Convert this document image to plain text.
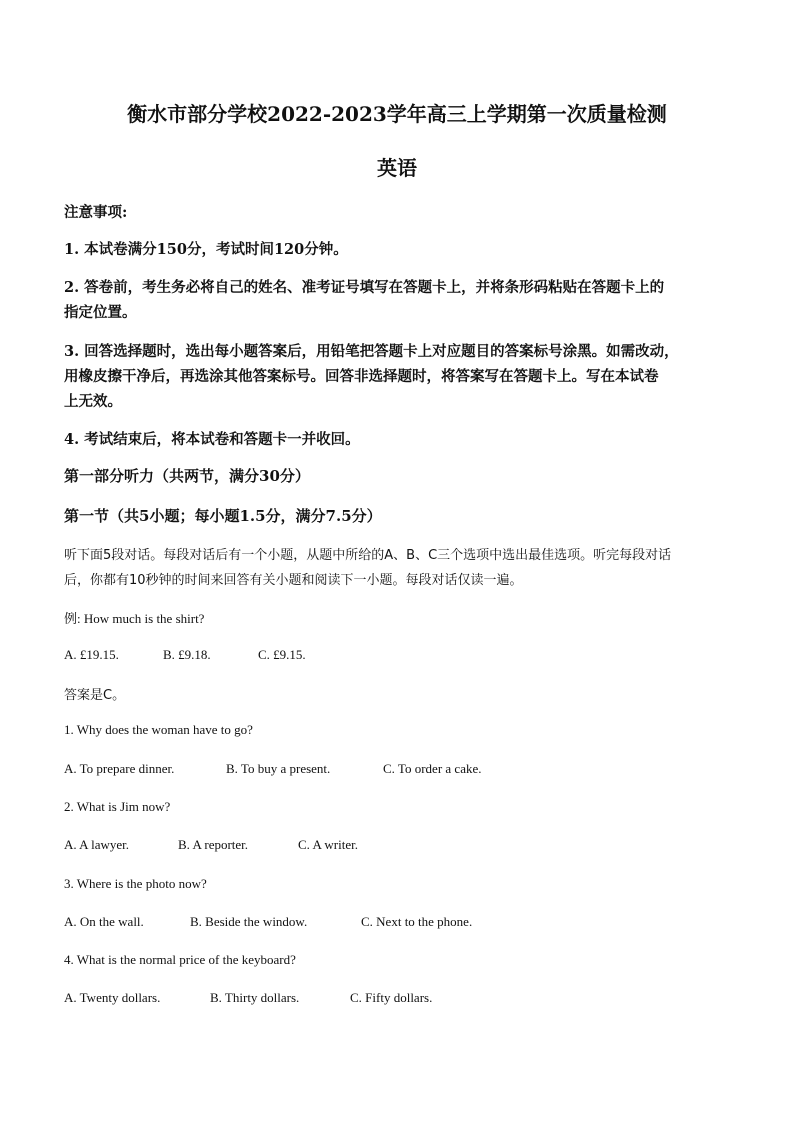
衡水市部分学校2022-2023学年高三上学期第一次质量检测
英语
注意事项:
1. 本试卷满分150分，考试时间120分钟。
2. 答卷前，考生务必将自己的姓名、准考证号填写在答题卡上，并将条形码粘贴在答题卡上的
指定位置。
3. 回答选择题时，选出每小题答案后，用铅笔把答题卡上对应题目的答案标号涂黑。如需改动，
用橡皮擦干净后，再选涂其他答案标号。回答非选择题时，将答案写在答题卡上。写在本试卷
上无效。
4. 考试结束后，将本试卷和答题卡一并收回。
第一部分听力（共两节，满分30分）
第一节（共5小题；每小题1.5分，满分7.5分）
听下面5段对话。每段对话后有一个小题，从题中所给的A、B、C三个选项中选出最佳选项。听完每段对话
后，你都有10秒钟的时间来回答有关小题和阅读下一小题。每段对话仅读一遍。
例: How much is the shirt?
A. £19.15.	B. £9.18.	C. £9.15.
答案是C。
1. Why does the woman have to go?
A. To prepare dinner.	B. To buy a present.	C. To order a cake.
2. What is Jim now?
A. A lawyer.	B. A reporter.	C. A writer.
3. Where is the photo now?
A. On the wall.	B. Beside the window.	C. Next to the phone.
4. What is the normal price of the keyboard?
A. Twenty dollars.	B. Thirty dollars.	C. Fifty dollars.
